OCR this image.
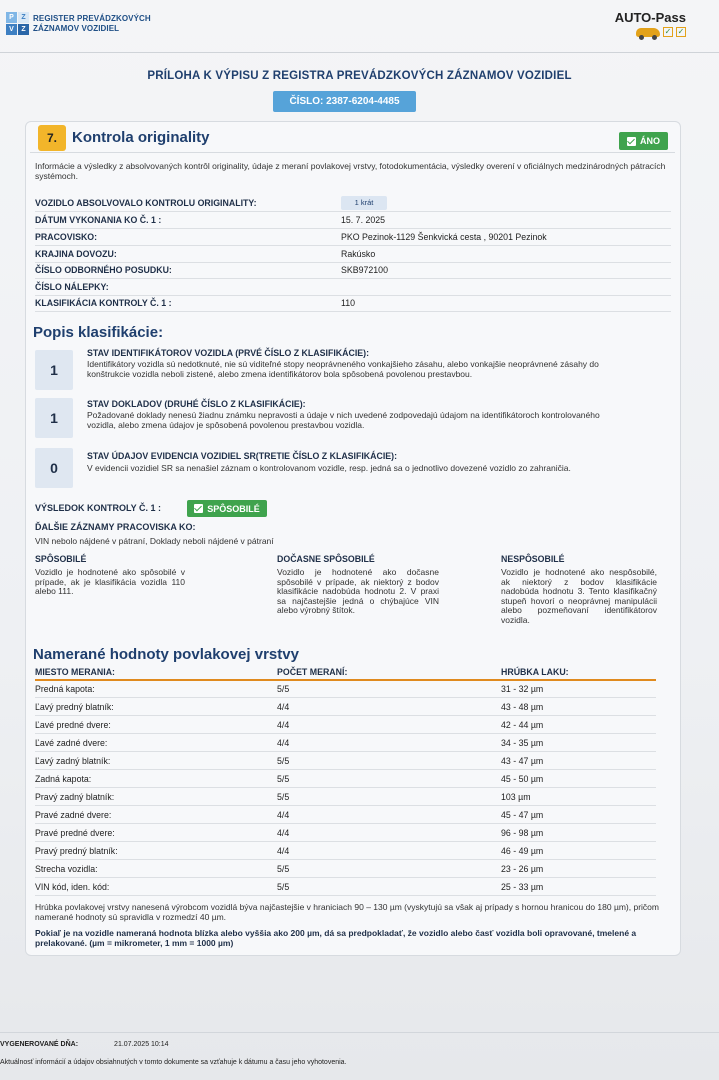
P	Z
V	Z
REGISTER PREVÁDZKOVÝCH
ZÁZNAMOV VOZIDIEL
AUTO-Pass
✓ ✓
PRÍLOHA K VÝPISU Z REGISTRA PREVÁDZKOVÝCH ZÁZNAMOV VOZIDIEL
ČÍSLO: 2387-6204-4485
7.	Kontrola originality	ÁNO
Informácie a výsledky z absolvovaných kontrôl originality, údaje z meraní povlakovej vrstvy, fotodokumentácia, výsledky overení v oficiálnych medzinárodných pátracích systémoch.
VOZIDLO ABSOLVOVALO KONTROLU ORIGINALITY:	1 krát
DÁTUM VYKONANIA KO Č. 1 :	15. 7. 2025
PRACOVISKO:	PKO Pezinok-1129 Šenkvická cesta , 90201 Pezinok
KRAJINA DOVOZU:	Rakúsko
ČÍSLO ODBORNÉHO POSUDKU:	SKB972100
ČÍSLO NÁLEPKY:
KLASIFIKÁCIA KONTROLY Č. 1 :	110
Popis klasifikácie:
1
STAV IDENTIFIKÁTOROV VOZIDLA (PRVÉ ČÍSLO Z KLASIFIKÁCIE):
Identifikátory vozidla sú nedotknuté, nie sú viditeľné stopy neoprávneného vonkajšieho zásahu, alebo vonkajšie neoprávnené zásahy do konštrukcie vozidla neboli zistené, alebo zmena identifikátorov bola spôsobená povolenou prestavbou.
1
STAV DOKLADOV (DRUHÉ ČÍSLO Z KLASIFIKÁCIE):
Požadované doklady nenesú žiadnu známku nepravosti a údaje v nich uvedené zodpovedajú údajom na identifikátoroch kontrolovaného vozidla, alebo zmena údajov je spôsobená povolenou prestavbou vozidla.
0
STAV ÚDAJOV EVIDENCIA VOZIDIEL SR(TRETIE ČÍSLO Z KLASIFIKÁCIE):
V evidencii vozidiel SR sa nenašiel záznam o kontrolovanom vozidle, resp. jedná sa o jednotlivo dovezené vozidlo zo zahraničia.
VÝSLEDOK KONTROLY Č. 1 :	SPÔSOBILÉ
ĎALŠIE ZÁZNAMY PRACOVISKA KO:
VIN nebolo nájdené v pátraní, Doklady neboli nájdené v pátraní
SPÔSOBILÉ
Vozidlo je hodnotené ako spôsobilé v prípade, ak je klasifikácia vozidla 110 alebo 111.
DOČASNE SPÔSOBILÉ
Vozidlo je hodnotené ako dočasne spôsobilé v prípade, ak niektorý z bodov klasifikácie nadobúda hodnotu 2. V praxi sa najčastejšie jedná o chýbajúce VIN alebo výrobný štítok.
NESPÔSOBILÉ
Vozidlo je hodnotené ako nespôsobilé, ak niektorý z bodov klasifikácie nadobúda hodnotu 3. Tento klasifikačný stupeň hovorí o neoprávnej manipulácii alebo pozmeňovaní identifikátorov vozidla.
Namerané hodnoty povlakovej vrstvy
MIESTO MERANIA:	POČET MERANÍ:	HRÚBKA LAKU:
Predná kapota:	5/5	31 - 32 µm
Ľavý predný blatník:	4/4	43 - 48 µm
Ľavé predné dvere:	4/4	42 - 44 µm
Ľavé zadné dvere:	4/4	34 - 35 µm
Ľavý zadný blatník:	5/5	43 - 47 µm
Zadná kapota:	5/5	45 - 50 µm
Pravý zadný blatník:	5/5	103 µm
Pravé zadné dvere:	4/4	45 - 47 µm
Pravé predné dvere:	4/4	96 - 98 µm
Pravý predný blatník:	4/4	46 - 49 µm
Strecha vozidla:	5/5	23 - 26 µm
VIN kód, iden. kód:	5/5	25 - 33 µm
Hrúbka povlakovej vrstvy nanesená výrobcom vozidlá býva najčastejšie v hraniciach 90 – 130 µm (vyskytujú sa však aj prípady s hornou hranicou do 180 µm), pričom namerané hodnoty sú spravidla v rozmedzí 40 µm.
Pokiaľ je na vozidle nameraná hodnota blízka alebo vyššia ako 200 µm, dá sa predpokladať, že vozidlo alebo časť vozidla boli opravované, tmelené a prelakované. (µm = mikrometer, 1 mm = 1000 µm)
VYGENEROVANÉ DŇA:	21.07.2025 10:14
Aktuálnosť informácií a údajov obsiahnutých v tomto dokumente sa vzťahuje k dátumu a času jeho vyhotovenia.
